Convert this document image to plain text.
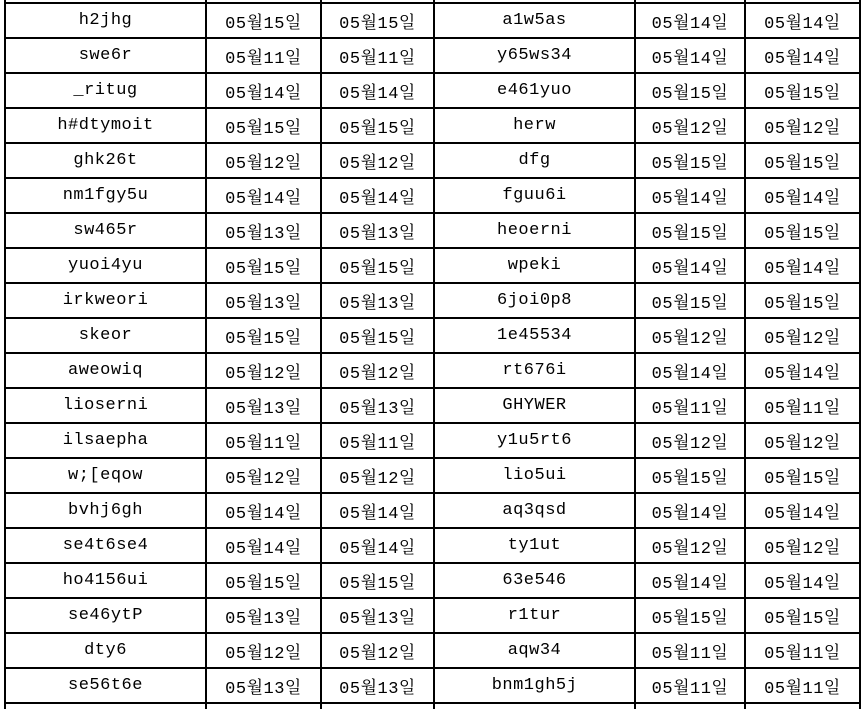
h2jhg	05월15일	05월15일	a1w5as	05월14일	05월14일
swe6r	05월11일	05월11일	y65ws34	05월14일	05월14일
_ritug	05월14일	05월14일	e461yuo	05월15일	05월15일
h#dtymoit	05월15일	05월15일	herw	05월12일	05월12일
ghk26t	05월12일	05월12일	dfg	05월15일	05월15일
nm1fgy5u	05월14일	05월14일	fguu6i	05월14일	05월14일
sw465r	05월13일	05월13일	heoerni	05월15일	05월15일
yuoi4yu	05월15일	05월15일	wpeki	05월14일	05월14일
irkweori	05월13일	05월13일	6joi0p8	05월15일	05월15일
skeor	05월15일	05월15일	1e45534	05월12일	05월12일
aweowiq	05월12일	05월12일	rt676i	05월14일	05월14일
lioserni	05월13일	05월13일	GHYWER	05월11일	05월11일
ilsaepha	05월11일	05월11일	y1u5rt6	05월12일	05월12일
w;[eqow	05월12일	05월12일	lio5ui	05월15일	05월15일
bvhj6gh	05월14일	05월14일	aq3qsd	05월14일	05월14일
se4t6se4	05월14일	05월14일	ty1ut	05월12일	05월12일
ho4156ui	05월15일	05월15일	63e546	05월14일	05월14일
se46ytP	05월13일	05월13일	r1tur	05월15일	05월15일
dty6	05월12일	05월12일	aqw34	05월11일	05월11일
se56t6e	05월13일	05월13일	bnm1gh5j	05월11일	05월11일
